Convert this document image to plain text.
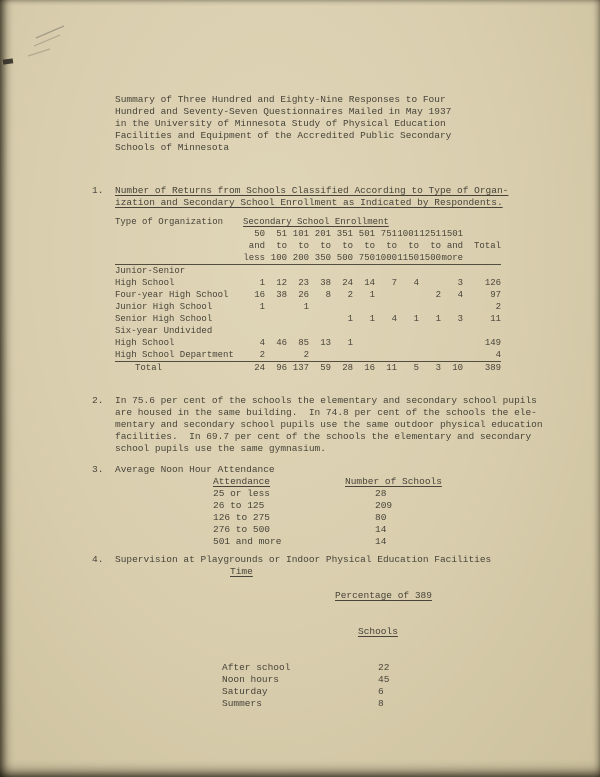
Summary of Three Hundred and Eighty-Nine Responses to Four
Hundred and Seventy-Seven Questionnaires Mailed in May 1937
in the University of Minnesota Study of Physical Education
Facilities and Equipment of the Accredited Public Secondary
Schools of Minnesota
1.	Number of Returns from Schools Classified According to Type of Organ-
ization and Secondary School Enrollment as Indicated by Respondents.
Type of Organization	Secondary School Enrollment										
	50	51	101	201	351	501	751	1001	1251	1501	
	and	to	to	to	to	to	to	to	to	and	Total
	less	100	200	350	500	750	1000	1150	1500	more	
Junior-Senior											
High School	1	12	23	38	24	14	7	4		3	126
Four-year High School	16	38	26	8	2	1			2	4	97
Junior High School	1		1								2
Senior High School					1	1	4	1	1	3	11
Six-year Undivided											
High School	4	46	85	13	1						149
High School Department	2		2								4
Total	24	96	137	59	28	16	11	5	3	10	389
2.	In 75.6 per cent of the schools the elementary and secondary school pupils
are housed in the same building.  In 74.8 per cent of the schools the ele-
mentary and secondary school pupils use the same outdoor physical education
facilities.  In 69.7 per cent of the schools the elementary and secondary
school pupils use the same gymnasium.
3.	Average Noon Hour Attendance
Attendance	Number of Schools
25 or less	28
26 to 125	209
126 to 275	80
276 to 500	14
501 and more	14
4.	Supervision at Playgrounds or Indoor Physical Education Facilities
Time

Percentage of 389

Schools

After school	22
Noon hours	45
Saturday	6
Summers	8
